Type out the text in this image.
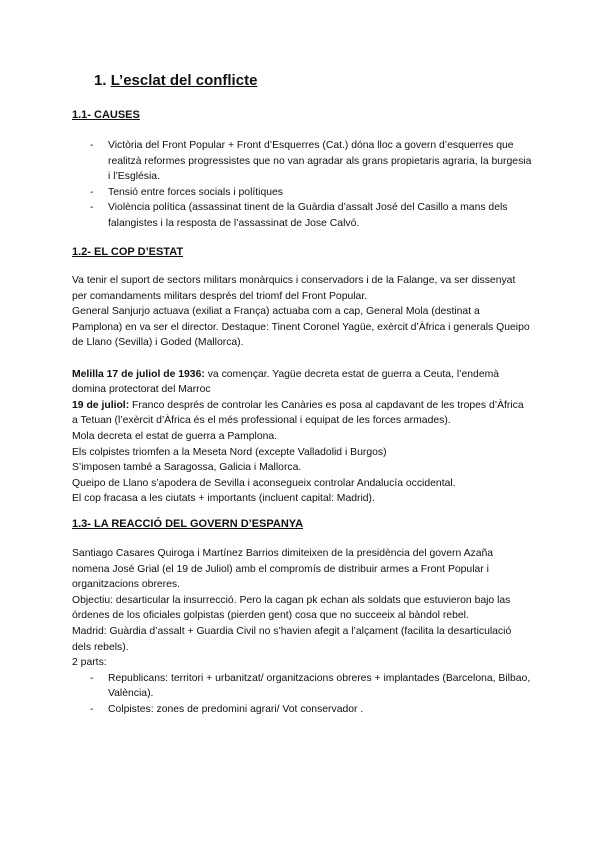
1. L’esclat del conflicte
1.1- CAUSES
- Victòria del Front Popular + Front d’Esquerres (Cat.) dóna lloc a govern d’esquerres que realitzà reformes progressistes que no van agradar als grans propietaris agraria, la burgesia i l’Església.
- Tensió entre forces socials i polítiques
- Violència política (assassinat tinent de la Guàrdia d’assalt José del Casillo a mans dels falangistes i la resposta de l’assassinat de Jose Calvó.
1.2- EL COP D’ESTAT

Va tenir el suport de sectors militars monàrquics i conservadors i de la Falange, va ser dissenyat per comandaments militars després del triomf del Front Popular.

General Sanjurjo actuava (exiliat a França) actuaba com a cap, General Mola (destinat a Pamplona) en va ser el director. Destaque: Tinent Coronel Yagüe, exèrcit d’Àfrica i generals Queipo de Llano (Sevilla) i Goded (Mallorca).

Melilla 17 de juliol de 1936: va començar. Yagüe decreta estat de guerra a Ceuta, l’endemà domina protectorat del Marroc

19 de juliol: Franco després de controlar les Canàries es posa al capdavant de les tropes d’Àfrica a Tetuan (l’exèrcit d’Àfrica és el més professional i equipat de les forces armades).

Mola decreta el estat de guerra a Pamplona.

Els colpistes triomfen a la Meseta Nord (excepte Valladolid i Burgos)

S’imposen també a Saragossa, Galicia i Mallorca.

Queipo de Llano s’apodera de Sevilla i aconsegueix controlar Andalucía occidental.

El cop fracasa a les ciutats + importants (incluent capital: Madrid).

1.3- LA REACCIÓ DEL GOVERN D’ESPANYA

Santiago Casares Quiroga i Martínez Barrios dimiteixen de la presidència del govern Azaña nomena José Grial (el 19 de Juliol) amb el compromís de distribuir armes a Front Popular i organitzacions obreres.

Objectiu: desarticular la insurrecció. Pero la cagan pk echan als soldats que estuvieron bajo las órdenes de los oficiales golpistas (pierden gent) cosa que no succeeix al bàndol rebel.

Madrid: Guàrdia d’assalt + Guardia Civil no s’havien afegit a l’alçament (facilita la desarticulació dels rebels).

2 parts:

- Republicans: territori + urbanitzat/ organitzacions obreres + implantades (Barcelona, Bilbao, València).
- Colpistes: zones de predomini agrari/ Vot conservador .
